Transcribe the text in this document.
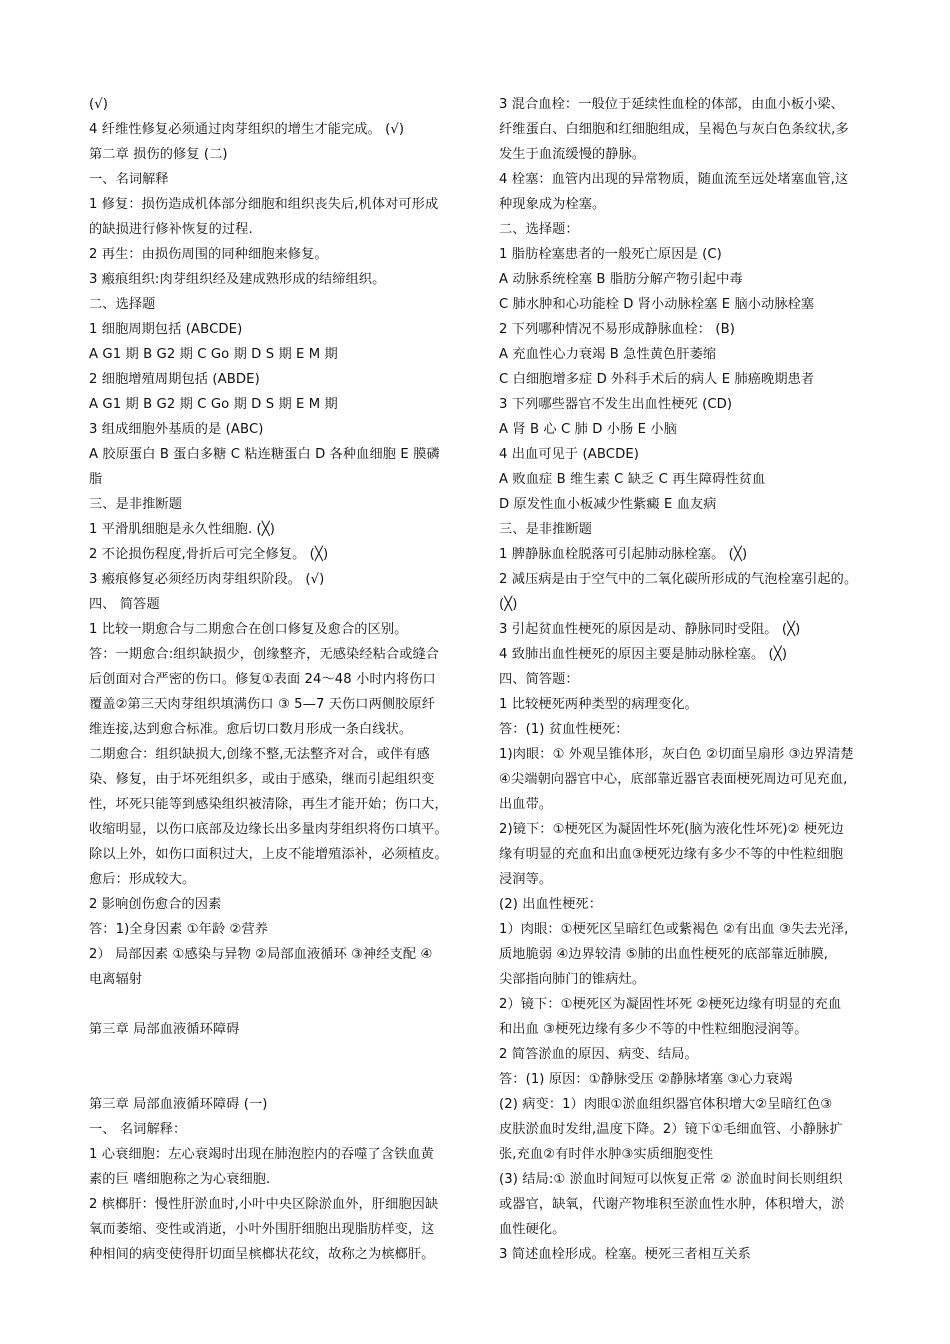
(√)
4 纤维性修复必须通过肉芽组织的增生才能完成。 (√)
第二章 损伤的修复 (二)
一、名词解释
1 修复：损伤造成机体部分细胞和组织丧失后,机体对可形成
的缺损进行修补恢复的过程.
2 再生：由损伤周围的同种细胞来修复。
3 瘢痕组织:肉芽组织经及建成熟形成的结缔组织。
二、选择题
1 细胞周期包括 (ABCDE)
A G1 期 B G2 期 C Go 期 D S 期 E M 期
2 细胞增殖周期包括 (ABDE)
A G1 期 B G2 期 C Go 期 D S 期 E M 期
3 组成细胞外基质的是 (ABC)
A 胶原蛋白 B 蛋白多糖 C 粘连糖蛋白 D 各种血细胞 E 膜磷
脂
三、是非推断题
1 平滑肌细胞是永久性细胞. (╳)
2 不论损伤程度,骨折后可完全修复。 (╳)
3 瘢痕修复必须经历肉芽组织阶段。 (√)
四、 简答题
1 比较一期愈合与二期愈合在创口修复及愈合的区别。
答：一期愈合:组织缺损少，创缘整齐，无感染经粘合或缝合
后创面对合严密的伤口。修复①表面 24～48 小时内将伤口
覆盖②第三天肉芽组织填满伤口 ③ 5—7 天伤口两侧胶原纤
维连接,达到愈合标准。愈后切口数月形成一条白线状。
二期愈合：组织缺损大,创缘不整,无法整齐对合，或伴有感
染、修复，由于坏死组织多，或由于感染，继而引起组织变
性，坏死只能等到感染组织被清除，再生才能开始；伤口大，
收缩明显，以伤口底部及边缘长出多量肉芽组织将伤口填平。
除以上外，如伤口面积过大，上皮不能增殖添补，必须植皮。
愈后：形成较大。
2 影响创伤愈合的因素
答：1)全身因素 ①年龄 ②营养
2） 局部因素 ①感染与异物 ②局部血液循环 ③神经支配 ④
电离辐射
第三章 局部血液循环障碍
第三章 局部血液循环障碍 (一)
一、 名词解释：
1 心衰细胞：左心衰竭时出现在肺泡腔内的吞噬了含铁血黄
素的巨 嗜细胞称之为心衰细胞.
2 槟榔肝：慢性肝淤血时,小叶中央区除淤血外，肝细胞因缺
氧而萎缩、变性或消逝，小叶外围肝细胞出现脂肪样变，这
种相间的病变使得肝切面呈槟榔状花纹，故称之为槟榔肝。
3 混合血栓：一般位于延续性血栓的体部，由血小板小梁、
纤维蛋白、白细胞和红细胞组成，呈褐色与灰白色条纹状,多
发生于血流缓慢的静脉。
4 栓塞：血管内出现的异常物质，随血流至远处堵塞血管,这
种现象成为栓塞。
二、选择题：
1 脂肪栓塞患者的一般死亡原因是 (C)
A 动脉系统栓塞 B 脂肪分解产物引起中毒
C 肺水肿和心功能栓 D 肾小动脉栓塞 E 脑小动脉栓塞
2 下列哪种情况不易形成静脉血栓： (B)
A 充血性心力衰竭 B 急性黄色肝萎缩
C 白细胞增多症 D 外科手术后的病人 E 肺癌晚期患者
3 下列哪些器官不发生出血性梗死 (CD)
A 肾 B 心 C 肺 D 小肠 E 小脑
4 出血可见于 (ABCDE)
A 败血症 B 维生素 C 缺乏 C 再生障碍性贫血
D 原发性血小板减少性紫癜 E 血友病
三、是非推断题
1 脾静脉血栓脱落可引起肺动脉栓塞。 (╳)
2 减压病是由于空气中的二氧化碳所形成的气泡栓塞引起的。
(╳)
3 引起贫血性梗死的原因是动、静脉同时受阻。 (╳)
4 致肺出血性梗死的原因主要是肺动脉栓塞。 (╳)
四、简答题：
1 比较梗死两种类型的病理变化。
答：(1) 贫血性梗死：
1)肉眼：① 外观呈锥体形，灰白色 ②切面呈扇形 ③边界清楚
④尖端朝向器官中心，底部靠近器官表面梗死周边可见充血,
出血带。
2)镜下：①梗死区为凝固性坏死(脑为液化性坏死)② 梗死边
缘有明显的充血和出血③梗死边缘有多少不等的中性粒细胞
浸润等。
(2) 出血性梗死：
1）肉眼：①梗死区呈暗红色或紫褐色 ②有出血 ③失去光泽,
质地脆弱 ④边界较清 ⑤肺的出血性梗死的底部靠近肺膜,
尖部指向肺门的锥病灶。
2）镜下：①梗死区为凝固性坏死 ②梗死边缘有明显的充血
和出血 ③梗死边缘有多少不等的中性粒细胞浸润等。
2 简答淤血的原因、病变、结局。
答：(1) 原因：①静脉受压 ②静脉堵塞 ③心力衰竭
(2) 病变：1）肉眼①淤血组织器官体积增大②呈暗红色③
皮肤淤血时发绀,温度下降。2）镜下①毛细血管、小静脉扩
张,充血②有时伴水肿③实质细胞变性
(3) 结局:① 淤血时间短可以恢复正常 ② 淤血时间长则组织
或器官，缺氧，代谢产物堆积至淤血性水肿，体积增大，淤
血性硬化。
3 简述血栓形成。栓塞。梗死三者相互关系
